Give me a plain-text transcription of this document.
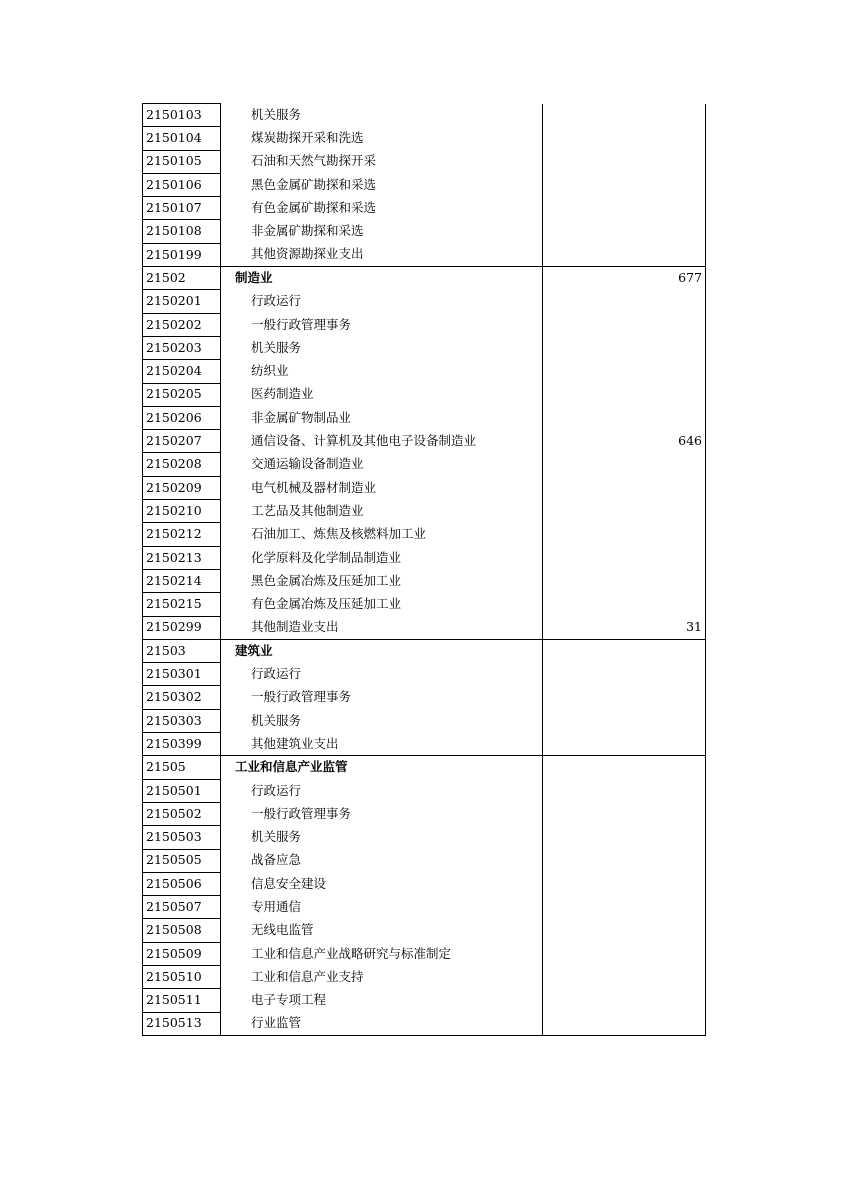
2150103	机关服务	
2150104	煤炭勘探开采和洗选	
2150105	石油和天然气勘探开采	
2150106	黑色金属矿勘探和采选	
2150107	有色金属矿勘探和采选	
2150108	非金属矿勘探和采选	
2150199	其他资源勘探业支出	
21502	制造业	677
2150201	行政运行	
2150202	一般行政管理事务	
2150203	机关服务	
2150204	纺织业	
2150205	医药制造业	
2150206	非金属矿物制品业	
2150207	通信设备、计算机及其他电子设备制造业	646
2150208	交通运输设备制造业	
2150209	电气机械及器材制造业	
2150210	工艺品及其他制造业	
2150212	石油加工、炼焦及核燃料加工业	
2150213	化学原料及化学制品制造业	
2150214	黑色金属冶炼及压延加工业	
2150215	有色金属冶炼及压延加工业	
2150299	其他制造业支出	31
21503	建筑业	
2150301	行政运行	
2150302	一般行政管理事务	
2150303	机关服务	
2150399	其他建筑业支出	
21505	工业和信息产业监管	
2150501	行政运行	
2150502	一般行政管理事务	
2150503	机关服务	
2150505	战备应急	
2150506	信息安全建设	
2150507	专用通信	
2150508	无线电监管	
2150509	工业和信息产业战略研究与标准制定	
2150510	工业和信息产业支持	
2150511	电子专项工程	
2150513	行业监管	
